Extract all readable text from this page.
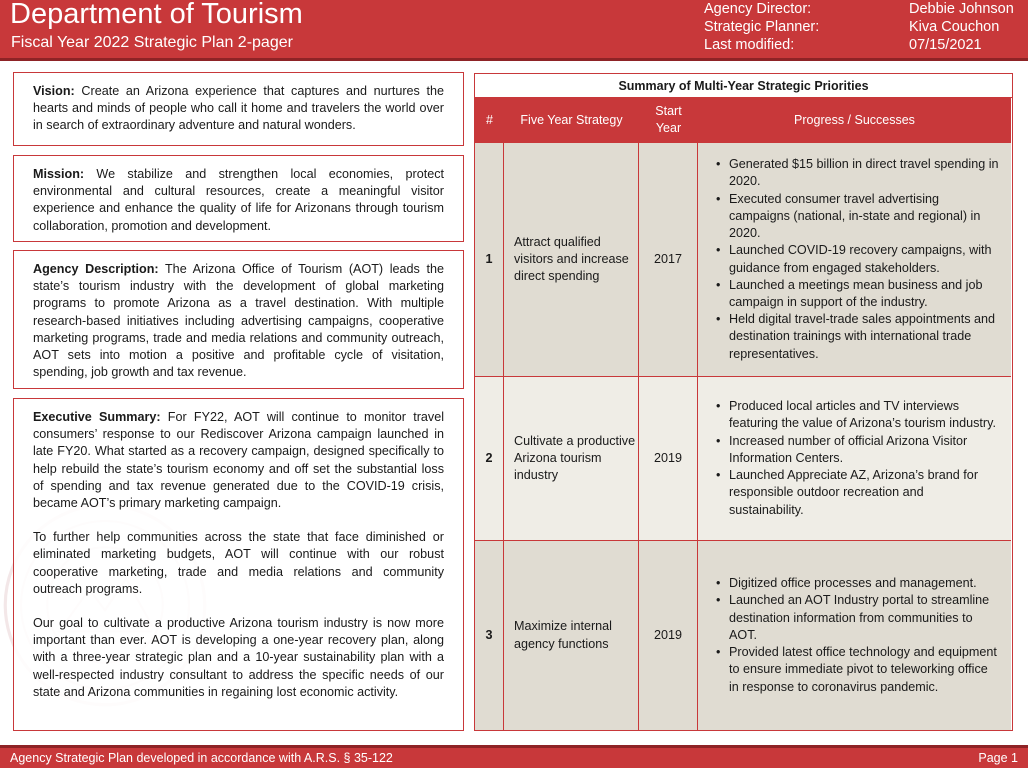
Department of Tourism
Fiscal Year 2022 Strategic Plan 2-pager
Agency Director:
Strategic Planner:
Last modified:
Debbie Johnson
Kiva Couchon
07/15/2021

Vision: Create an Arizona experience that captures and nurtures the hearts and minds of people who call it home and travelers the world over in search of extraordinary adventure and natural wonders.

Mission: We stabilize and strengthen local economies, protect environmental and cultural resources, create a meaningful visitor experience and enhance the quality of life for Arizonans through tourism collaboration, promotion and development.

Agency Description: The Arizona Office of Tourism (AOT) leads the state’s tourism industry with the development of global marketing programs to promote Arizona as a travel destination. With multiple research-based initiatives including advertising campaigns, cooperative marketing programs, trade and media relations and community outreach, AOT sets into motion a positive and profitable cycle of visitation, spending, job growth and tax revenue.

Executive Summary: For FY22, AOT will continue to monitor travel consumers’ response to our Rediscover Arizona campaign launched in late FY20. What started as a recovery campaign, designed specifically to help rebuild the state’s tourism economy and off set the substantial loss of spending and tax revenue generated due to the COVID-19 crisis, became AOT’s primary marketing campaign.

To further help communities across the state that face diminished or eliminated marketing budgets, AOT will continue with our robust cooperative marketing, trade and media relations and community outreach programs.

Our goal to cultivate a productive Arizona tourism industry is now more important than ever. AOT is developing a one-year recovery plan, along with a three-year strategic plan and a 10-year sustainability plan with a well-respected industry consultant to address the specific needs of our state and Arizona communities in regaining lost economic activity.

Summary of Multi-Year Strategic Priorities
#	Five Year Strategy
Start Year
Progress / Successes
1
Attract qualified visitors and increase direct spending
2017
• Generated $15 billion in direct travel spending in 2020.
• Executed consumer travel advertising campaigns (national, in-state and regional) in 2020.
• Launched COVID-19 recovery campaigns, with guidance from engaged stakeholders.
• Launched a meetings mean business and job campaign in support of the industry.
• Held digital travel-trade sales appointments and destination trainings with international trade representatives.
2
Cultivate a productive Arizona tourism industry
2019
• Produced local articles and TV interviews featuring the value of Arizona’s tourism industry.
• Increased number of official Arizona Visitor Information Centers.
• Launched Appreciate AZ, Arizona’s brand for responsible outdoor recreation and sustainability.
3
Maximize internal agency functions
2019
• Digitized office processes and management.
• Launched an AOT Industry portal to streamline destination information from communities to AOT.
• Provided latest office technology and equipment to ensure immediate pivot to teleworking office in response to coronavirus pandemic.
Agency Strategic Plan developed in accordance with A.R.S. § 35-122	Page 1
